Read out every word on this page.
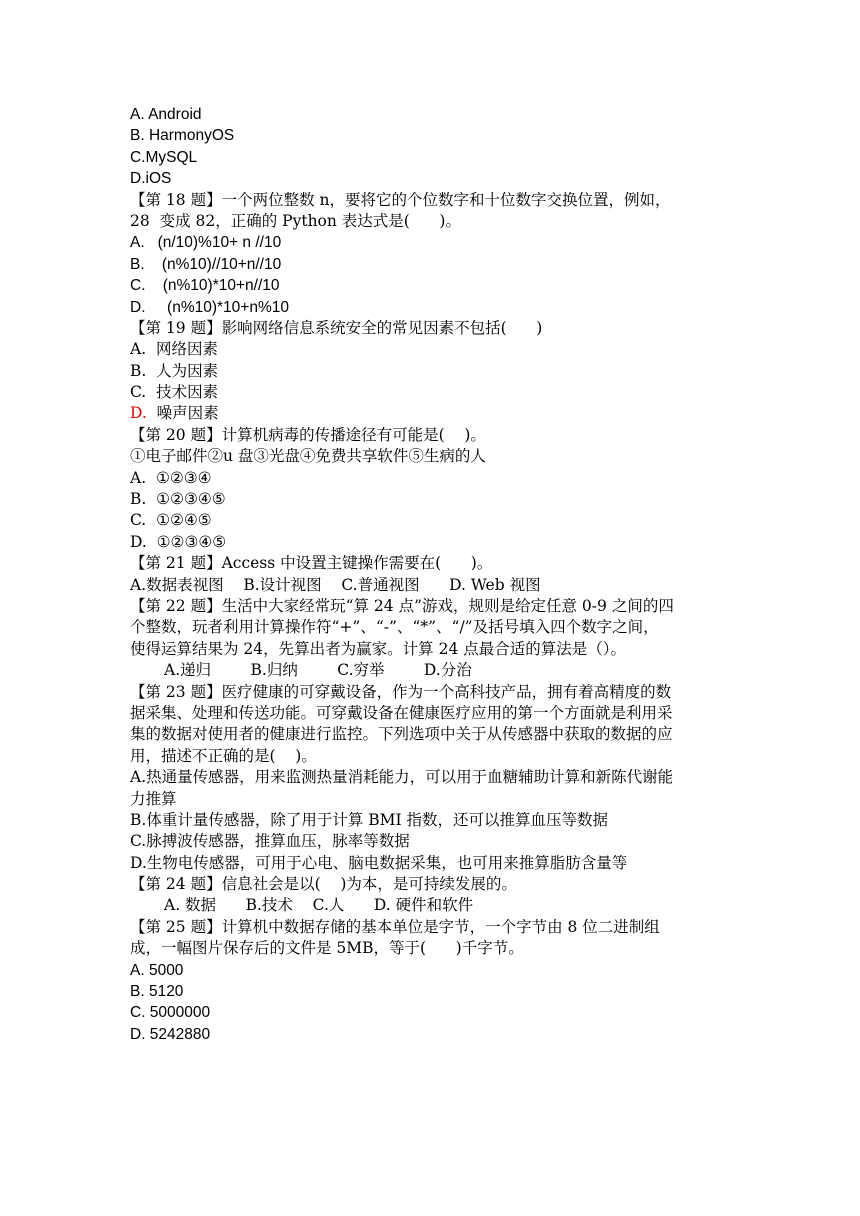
A. Android
B. HarmonyOS
C.MySQL
D.iOS
【第 18 题】一个两位整数 n，要将它的个位数字和十位数字交换位置，例如，
28  变成 82，正确的 Python 表达式是(      )。
A.   (n/10)%10+ n //10
B.    (n%10)//10+n//10
C.    (n%10)*10+n//10
D.     (n%10)*10+n%10
【第 19 题】影响网络信息系统安全的常见因素不包括(      )
A.  网络因素
B.  人为因素
C.  技术因素
D.  噪声因素
【第 20 题】计算机病毒的传播途径有可能是(    )。
①电子邮件②u 盘③光盘④免费共享软件⑤生病的人
A.  ①②③④
B.  ①②③④⑤
C.  ①②④⑤
D.  ①②③④⑤
【第 21 题】Access 中设置主键操作需要在(      )。
A.数据表视图    B.设计视图    C.普通视图      D. Web 视图
【第 22 题】生活中大家经常玩“算 24 点”游戏，规则是给定任意 0-9 之间的四
个整数，玩者利用计算操作符“+”、“-”、“*”、“/”及括号填入四个数字之间，
使得运算结果为 24，先算出者为赢家。计算 24 点最合适的算法是（）。
A.递归        B.归纳        C.穷举        D.分治
【第 23 题】医疗健康的可穿戴设备，作为一个高科技产品，拥有着高精度的数
据采集、处理和传送功能。可穿戴设备在健康医疗应用的第一个方面就是利用采
集的数据对使用者的健康进行监控。下列选项中关于从传感器中获取的数据的应
用，描述不正确的是(    )。
A.热通量传感器，用来监测热量消耗能力，可以用于血糖辅助计算和新陈代谢能
力推算
B.体重计量传感器，除了用于计算 BMI 指数，还可以推算血压等数据
C.脉搏波传感器，推算血压，脉率等数据
D.生物电传感器，可用于心电、脑电数据采集，也可用来推算脂肪含量等
【第 24 题】信息社会是以(    )为本，是可持续发展的。
A. 数据      B.技术    C.人      D. 硬件和软件
【第 25 题】计算机中数据存储的基本单位是字节，一个字节由 8 位二进制组
成，一幅图片保存后的文件是 5MB，等于(      )千字节。
A. 5000
B. 5120
C. 5000000
D. 5242880
